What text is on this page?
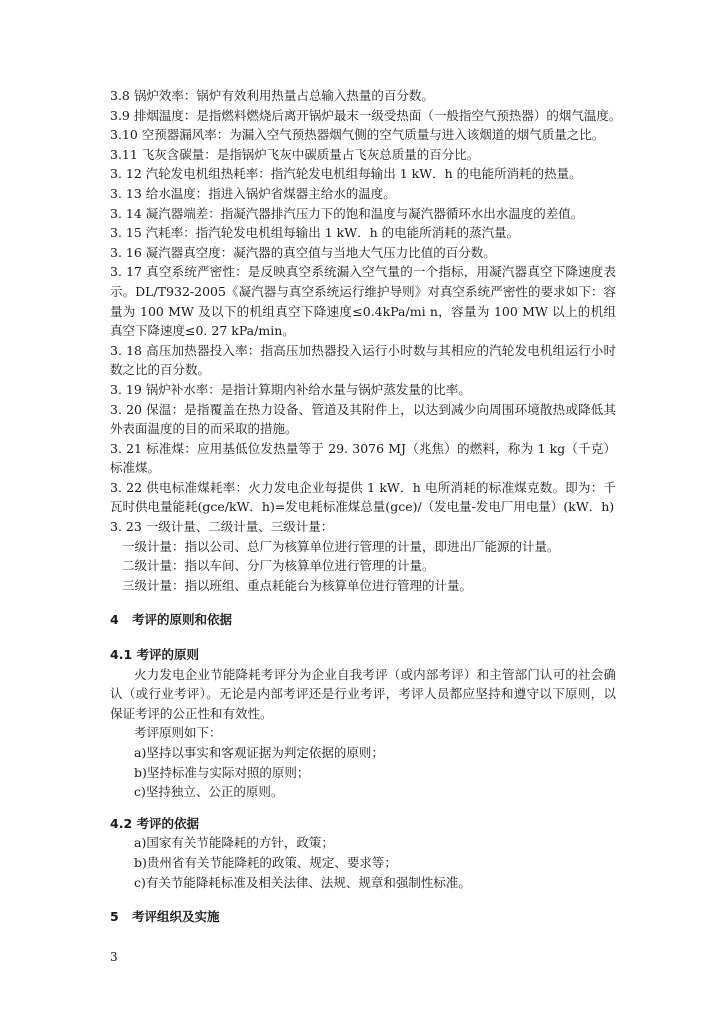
3.8 锅炉效率：锅炉有效利用热量占总输入热量的百分数。
3.9 排烟温度：是指燃料燃烧后离开锅炉最末一级受热面（一般指空气预热器）的烟气温度。
3.10 空预器漏风率：为漏入空气预热器烟气侧的空气质量与进入该烟道的烟气质量之比。
3.11 飞灰含碳量：是指锅炉飞灰中碳质量占飞灰总质量的百分比。
3. 12 汽轮发电机组热耗率：指汽轮发电机组每输出 1 kW．h 的电能所消耗的热量。
3. 13 给水温度：指进入锅炉省煤器主给水的温度。
3. 14 凝汽器端差：指凝汽器排汽压力下的饱和温度与凝汽器循环水出水温度的差值。
3. 15 汽耗率：指汽轮发电机组每输出 1 kW．h 的电能所消耗的蒸汽量。
3. 16 凝汽器真空度：凝汽器的真空值与当地大气压力比值的百分数。
3. 17 真空系统严密性：是反映真空系统漏入空气量的一个指标，用凝汽器真空下降速度表示。DL/T932-2005《凝汽器与真空系统运行维护导则》对真空系统严密性的要求如下：容量为 100 MW 及以下的机组真空下降速度≤0.4kPa/mi n，容量为 100 MW 以上的机组真空下降速度≤0. 27 kPa/min。
3. 18 高压加热器投入率：指高压加热器投入运行小时数与其相应的汽轮发电机组运行小时数之比的百分数。
3. 19 锅炉补水率：是指计算期内补给水量与锅炉蒸发量的比率。
3. 20 保温：是指覆盖在热力设备、管道及其附件上，以达到减少向周围环境散热或降低其外表面温度的目的而采取的措施。
3. 21 标准煤：应用基低位发热量等于 29. 3076 MJ（兆焦）的燃料，称为 1 kg（千克）标准煤。
3. 22 供电标准煤耗率：火力发电企业每提供 1 kW．h 电所消耗的标准煤克数。即为：千瓦时供电量能耗(gce/kW．h)=发电耗标准煤总量(gce)/（发电量-发电厂用电量）(kW．h)
3. 23 一级计量、二级计量、三级计量：
一级计量：指以公司、总厂为核算单位进行管理的计量，即进出厂能源的计量。
二级计量：指以车间、分厂为核算单位进行管理的计量。
三级计量：指以班组、重点耗能台为核算单位进行管理的计量。
4 考评的原则和依据
4.1 考评的原则
火力发电企业节能降耗考评分为企业自我考评（或内部考评）和主管部门认可的社会确认（或行业考评）。无论是内部考评还是行业考评，考评人员都应坚持和遵守以下原则，以保证考评的公正性和有效性。
考评原则如下：
a)坚持以事实和客观证据为判定依据的原则；
b)坚持标准与实际对照的原则；
c)坚持独立、公正的原则。
4.2 考评的依据
a)国家有关节能降耗的方针，政策；
b)贵州省有关节能降耗的政策、规定、要求等；
c)有关节能降耗标准及相关法律、法规、规章和强制性标准。
5 考评组织及实施
3
